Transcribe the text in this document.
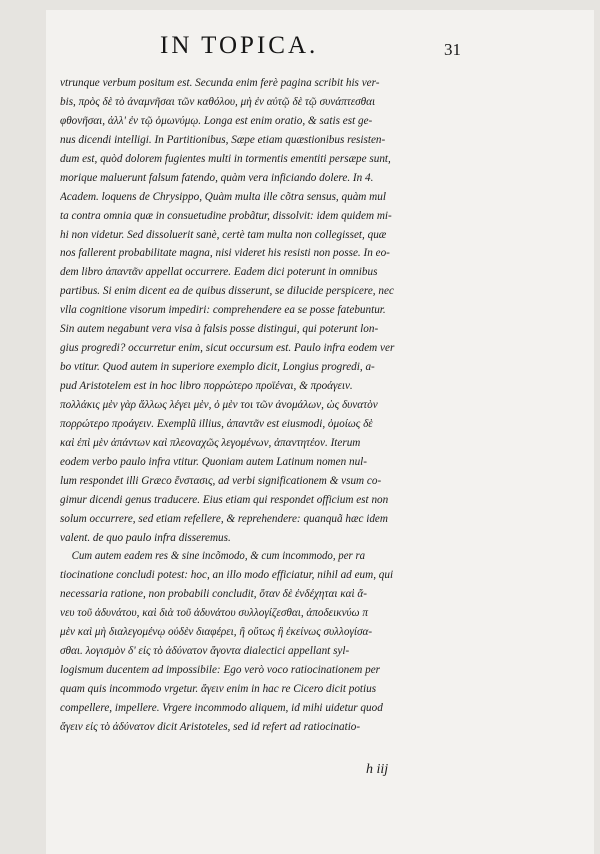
IN TOPICA.	31
vtrunque verbum positum est. Secunda enim ferè pagina scribit his ver-
bis, πρὸς δὲ τὸ ἀναμνῆσαι τῶν καθόλου, μὴ ἐν αὐτῷ δὲ τῷ συνάπτεσθαι
φθονῆσαι, ἀλλ' ἐν τῷ ὁμωνύμῳ. Longa est enim oratio, & satis est ge-
nus dicendi intelligi. In Partitionibus, Sæpe etiam quæstionibus resisten-
dum est, quòd dolorem fugientes multi in tormentis ementiti persæpe sunt,
morique maluerunt falsum fatendo, quàm vera inficiando dolere. In 4.
Academ. loquens de Chrysippo, Quàm multa ille cõtra sensus, quàm mul
ta contra omnia quæ in consuetudine probãtur, dissolvit: idem quidem mi-
hi non videtur. Sed dissoluerit sanè, certè tam multa non collegisset, quæ
nos fallerent probabilitate magna, nisi videret his resisti non posse. In eo-
dem libro ἀπαντᾶν appellat occurrere. Eadem dici poterunt in omnibus
partibus. Si enim dicent ea de quibus disserunt, se dilucide perspicere, nec
vlla cognitione visorum impediri: comprehendere ea se posse fatebuntur.
Sin autem negabunt vera visa à falsis posse distingui, qui poterunt lon-
gius progredi? occurretur enim, sicut occursum est. Paulo infra eodem ver
bo vtitur. Quod autem in superiore exemplo dicit, Longius progredi, a-
pud Aristotelem est in hoc libro πορρώτερο προϊέναι, & προάγειν.
πολλάκις μὲν γὰρ ἄλλως λέγει μὲν, ὁ μὲν τοι τῶν ἀνομάλων, ὡς δυνατὸν
πορρώτερο προάγειν. Exemplũ illius, ἀπαντᾶν est eiusmodi, ὁμοίως δὲ
καὶ ἐπὶ μὲν ἀπάντων καὶ πλεοναχῶς λεγομένων, ἀπαντητέον. Iterum
eodem verbo paulo infra vtitur. Quoniam autem Latinum nomen nul-
lum respondet illi Græco ἔνστασις, ad verbi significationem & vsum co-
gimur dicendi genus traducere. Eius etiam qui respondet officium est non
solum occurrere, sed etiam refellere, & reprehendere: quanquã hæc idem
valent. de quo paulo infra disseremus.
Cum autem eadem res & sine incõmodo, & cum incommodo, per ra
tiocinatione concludi potest: hoc, an illo modo efficiatur, nihil ad eum, qui
necessaria ratione, non probabili concludit, ὅταν δὲ ἐνδέχηται καὶ ἄ-
νευ τοῦ ἀδυνάτου, καὶ διὰ τοῦ ἀδυνάτου συλλογίζεσθαι, ἀποδεικνύω π
μὲν καὶ μὴ διαλεγομένῳ οὐδὲν διαφέρει, ἢ οὕτως ἢ ἐκείνως συλλογίσα-
σθαι. λογισμὸν δ' εἰς τὸ ἀδύνατον ἄγοντα dialectici appellant syl-
logismum ducentem ad impossibile: Ego verò voco ratiocinationem per
quam quis incommodo vrgetur. ἄγειν enim in hac re Cicero dicit potius
compellere, impellere. Vrgere incommodo aliquem, id mihi uidetur quod
ἄγειν εἰς τὸ ἀδύνατον dicit Aristoteles, sed id refert ad ratiocinatio-
h iij
